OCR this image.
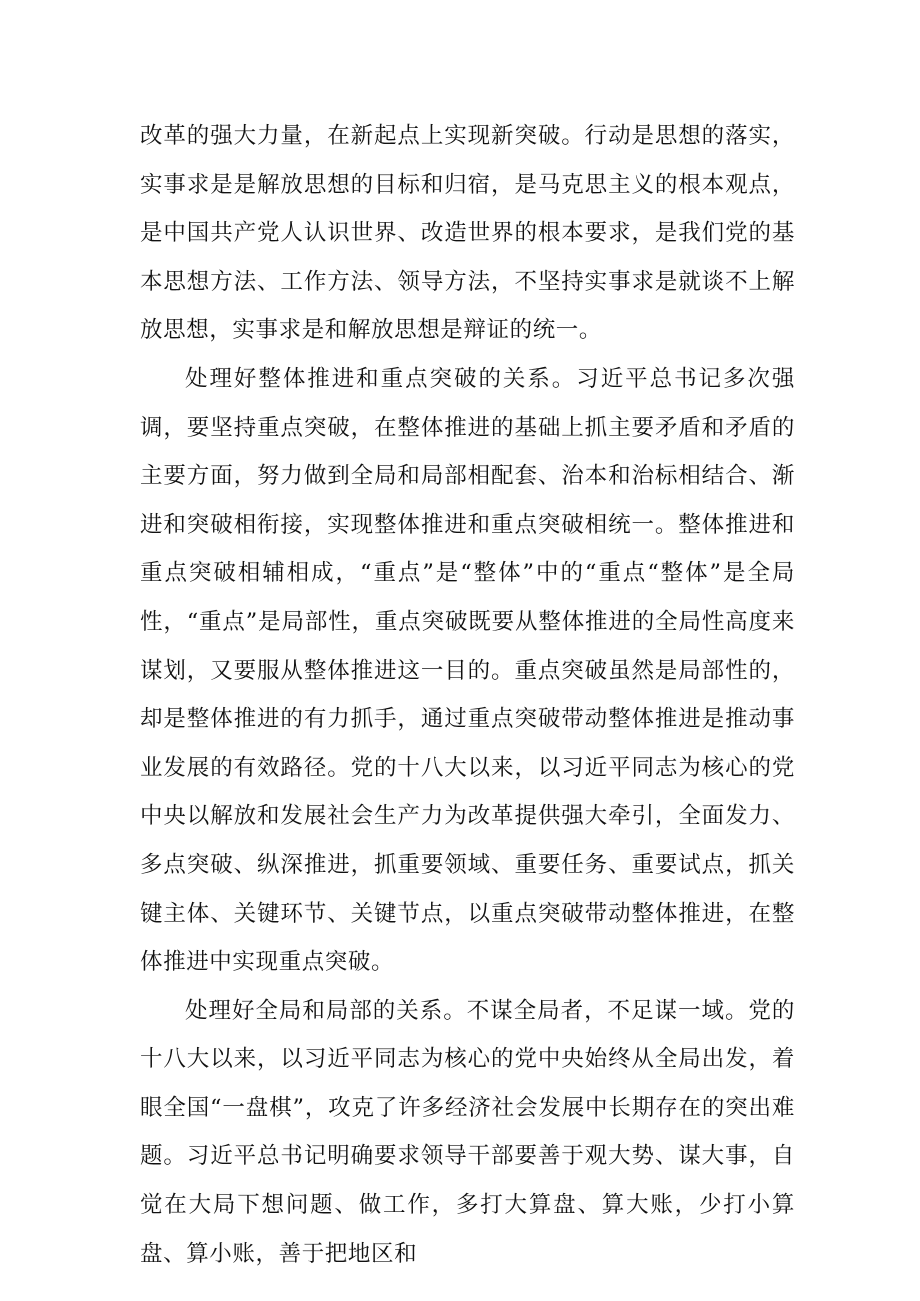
改革的强大力量，在新起点上实现新突破。行动是思想的落实，实事求是是解放思想的目标和归宿，是马克思主义的根本观点，是中国共产党人认识世界、改造世界的根本要求，是我们党的基本思想方法、工作方法、领导方法，不坚持实事求是就谈不上解放思想，实事求是和解放思想是辩证的统一。

处理好整体推进和重点突破的关系。习近平总书记多次强调，要坚持重点突破，在整体推进的基础上抓主要矛盾和矛盾的主要方面，努力做到全局和局部相配套、治本和治标相结合、渐进和突破相衔接，实现整体推进和重点突破相统一。整体推进和重点突破相辅相成，“重点”是“整体”中的“重点“整体”是全局性，“重点”是局部性，重点突破既要从整体推进的全局性高度来谋划，又要服从整体推进这一目的。重点突破虽然是局部性的，却是整体推进的有力抓手，通过重点突破带动整体推进是推动事业发展的有效路径。党的十八大以来，以习近平同志为核心的党中央以解放和发展社会生产力为改革提供强大牵引，全面发力、多点突破、纵深推进，抓重要领域、重要任务、重要试点，抓关键主体、关键环节、关键节点，以重点突破带动整体推进，在整体推进中实现重点突破。

处理好全局和局部的关系。不谋全局者，不足谋一域。党的十八大以来，以习近平同志为核心的党中央始终从全局出发，着眼全国“一盘棋”，攻克了许多经济社会发展中长期存在的突出难题。习近平总书记明确要求领导干部要善于观大势、谋大事，自觉在大局下想问题、做工作，多打大算盘、算大账，少打小算盘、算小账，善于把地区和
